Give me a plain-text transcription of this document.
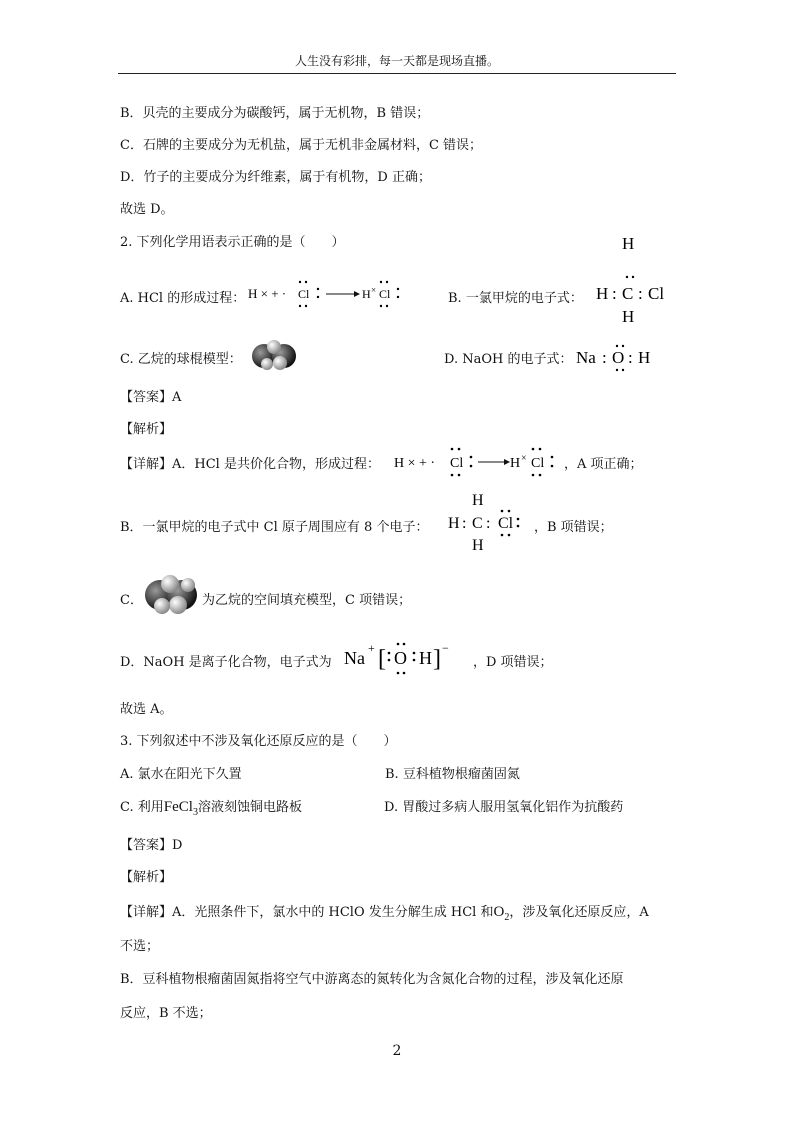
人生没有彩排，每一天都是现场直播。
B．贝壳的主要成分为碳酸钙，属于无机物，B 错误；
C．石牌的主要成分为无机盐，属于无机非金属材料，C 错误；
D．竹子的主要成分为纤维素，属于有机物，D 正确；
故选 D。
2. 下列化学用语表示正确的是（　　）
A. HCl 的形成过程： H × + · Cl	H × Cl	B. 一氯甲烷的电子式：
H
H : C : Cl
H
C. 乙烷的球棍模型：	D. NaOH 的电子式： Na : O : H
【答案】A
【解析】
【详解】A．HCl 是共价化合物，形成过程： H × + · Cl	H × Cl ，A 项正确；
B．一氯甲烷的电子式中 Cl 原子周围应有 8 个电子：
H
H : C : Cl
H
，B 项错误；
C．	为乙烷的空间填充模型，C 项错误；
D．NaOH 是离子化合物，电子式为 Na + [ O H ] −
，D 项错误；
故选 A。
3. 下列叙述中不涉及氧化还原反应的是（　　）
A. 氯水在阳光下久置	B. 豆科植物根瘤菌固氮
C. 利用FeCl$_3$溶液刻蚀铜电路板	D. 胃酸过多病人服用氢氧化铝作为抗酸药
【答案】D
【解析】
【详解】A．光照条件下，氯水中的 HClO 发生分解生成 HCl 和$O_2$，涉及氧化还原反应，A
不选；
B．豆科植物根瘤菌固氮指将空气中游离态的氮转化为含氮化合物的过程，涉及氧化还原
反应，B 不选；
2
